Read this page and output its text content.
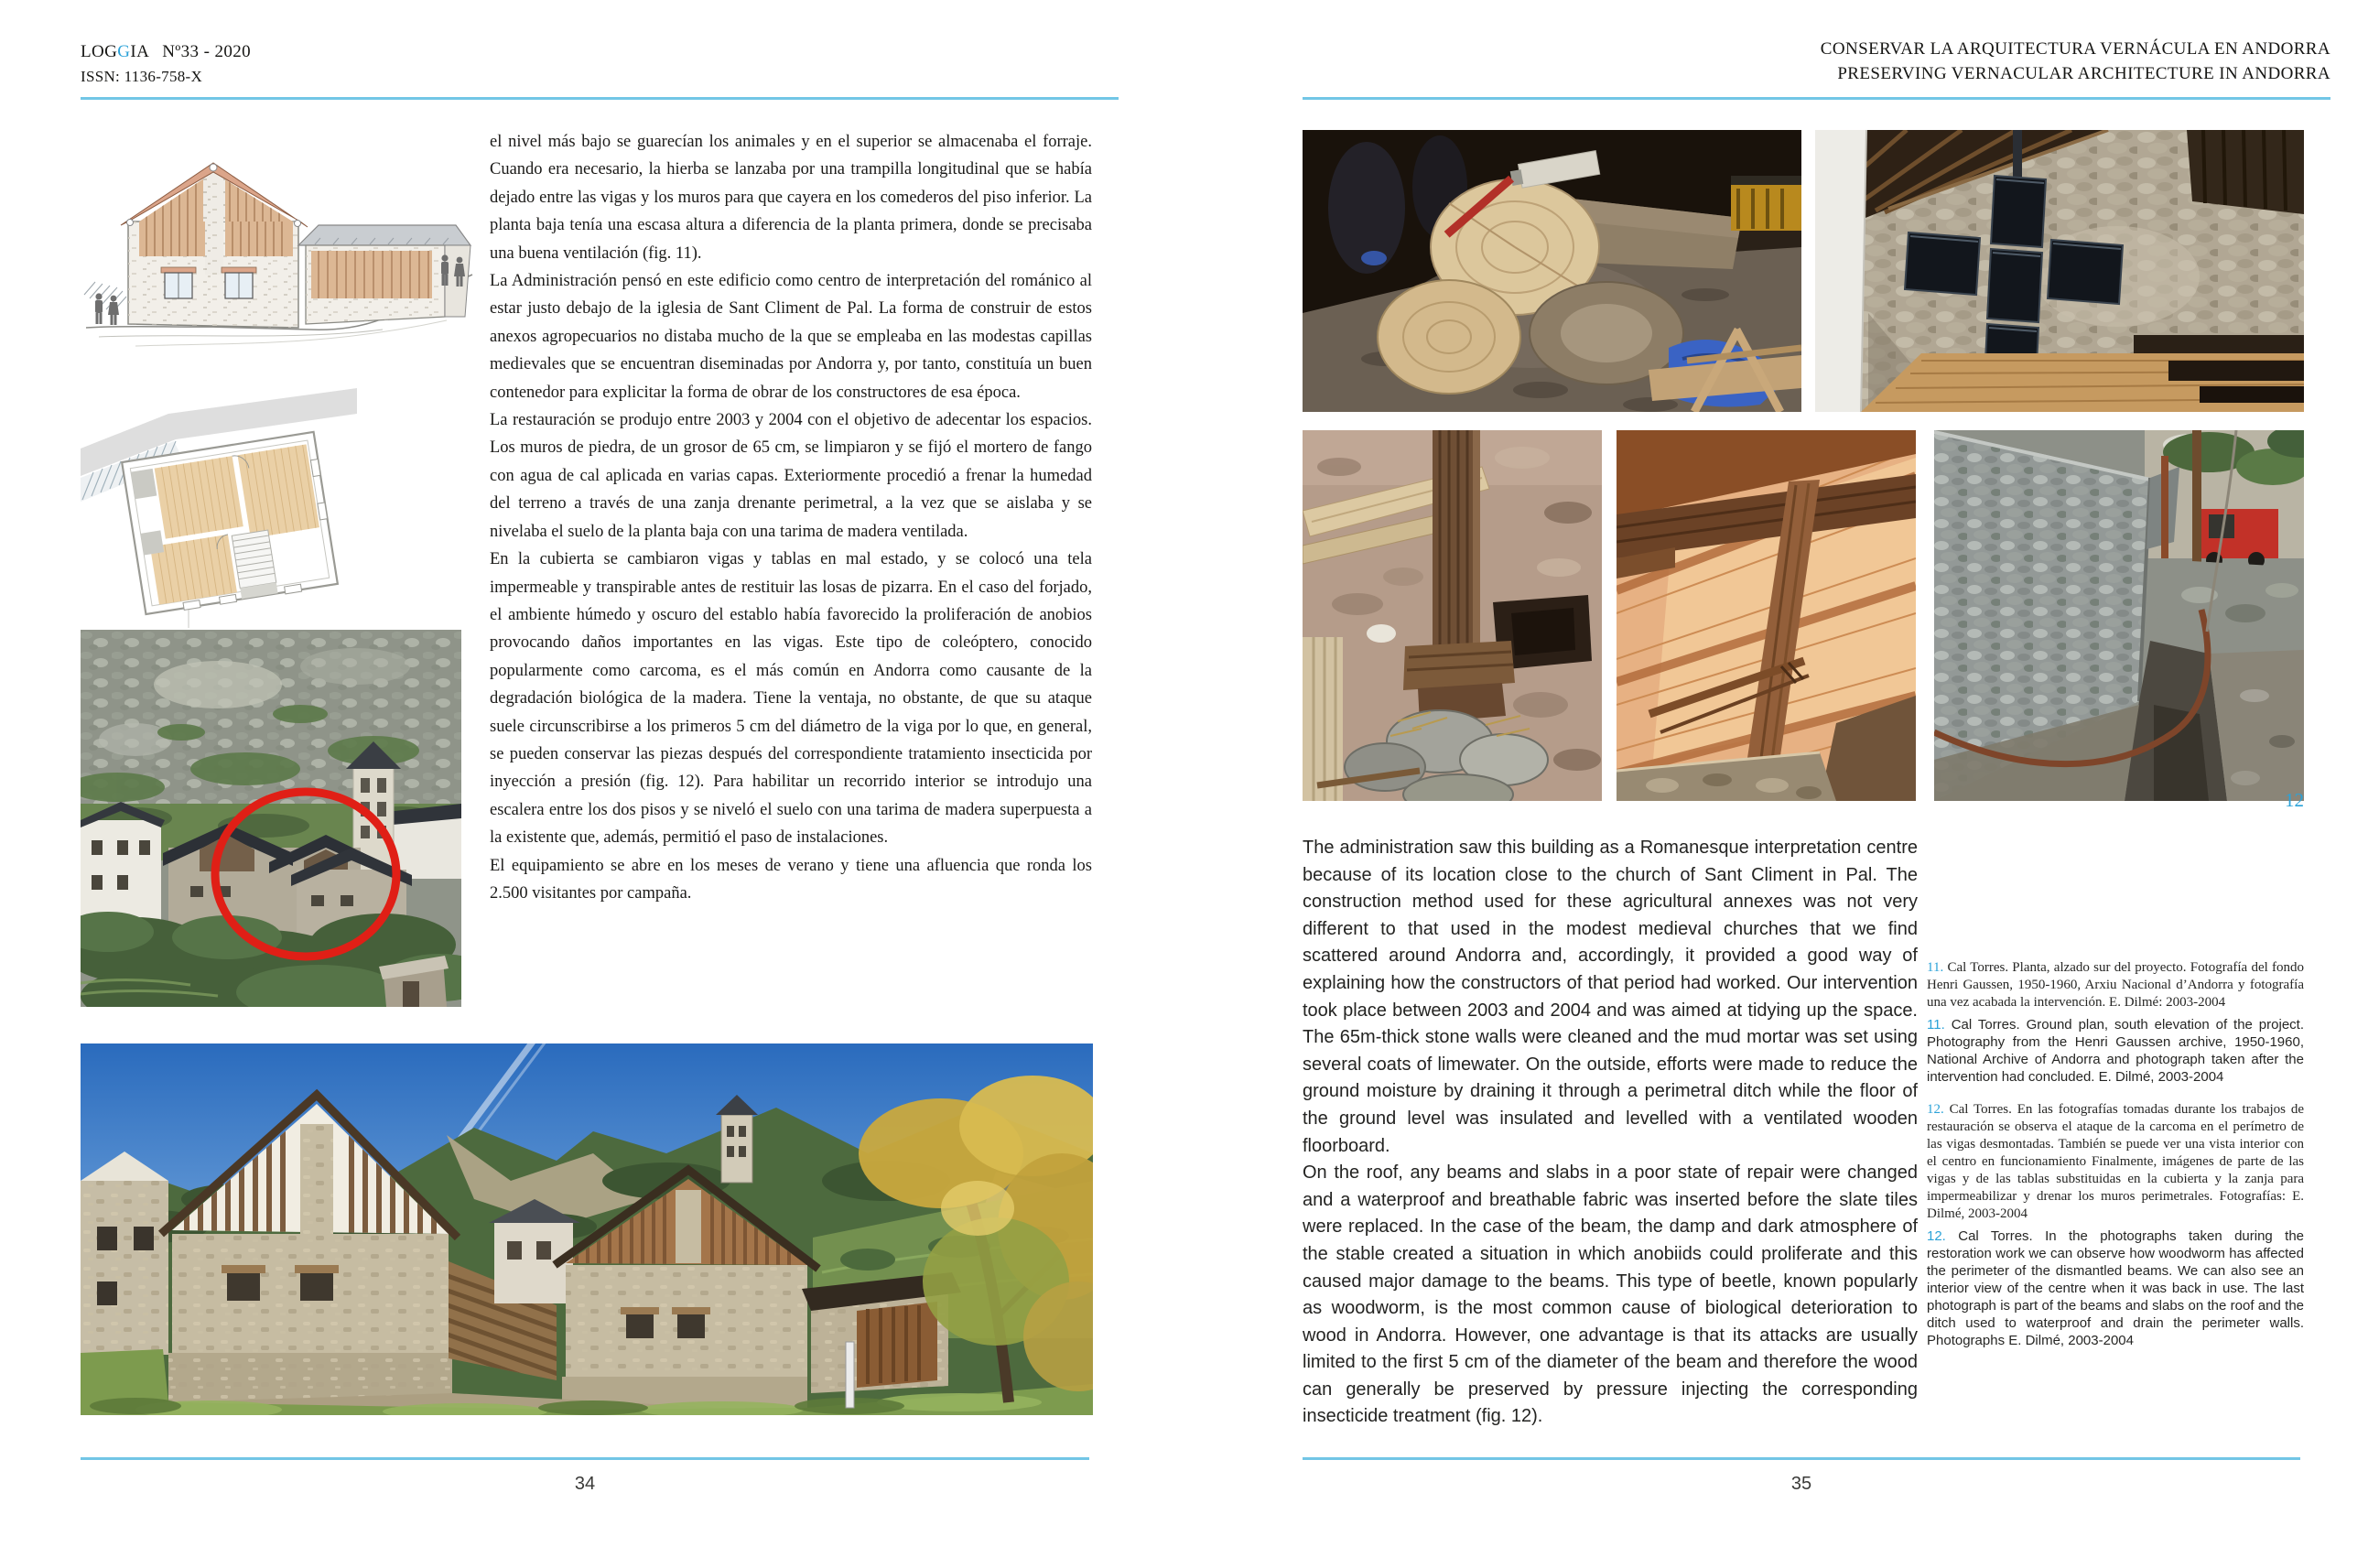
LOGGIA Nº33 - 2020
ISSN: 1136-758-X

el nivel más bajo se guarecían los animales y en el superior se almacenaba el forraje. Cuando era necesario, la hierba se lanzaba por una trampilla longitudinal que se había dejado entre las vigas y los muros para que cayera en los comederos del piso inferior. La planta baja tenía una escasa altura a diferencia de la planta primera, donde se precisaba una buena ventilación (fig. 11).

La Administración pensó en este edificio como centro de interpretación del románico al estar justo debajo de la iglesia de Sant Climent de Pal. La forma de construir de estos anexos agropecuarios no distaba mucho de la que se empleaba en las modestas capillas medievales que se encuentran diseminadas por Andorra y, por tanto, constituía un buen contenedor para explicitar la forma de obrar de los constructores de esa época.

La restauración se produjo entre 2003 y 2004 con el objetivo de adecentar los espacios. Los muros de piedra, de un grosor de 65 cm, se limpiaron y se fijó el mortero de fango con agua de cal aplicada en varias capas. Exteriormente procedió a frenar la humedad del terreno a través de una zanja drenante perimetral, a la vez que se aislaba y se nivelaba el suelo de la planta baja con una tarima de madera ventilada.

En la cubierta se cambiaron vigas y tablas en mal estado, y se colocó una tela impermeable y transpirable antes de restituir las losas de pizarra. En el caso del forjado, el ambiente húmedo y oscuro del establo había favorecido la proliferación de anobios provocando daños importantes en las vigas. Este tipo de coleóptero, conocido popularmente como carcoma, es el más común en Andorra como causante de la degradación biológica de la madera. Tiene la ventaja, no obstante, de que su ataque suele circunscribirse a los primeros 5 cm del diámetro de la viga por lo que, en general, se pueden conservar las piezas después del correspondiente tratamiento insecticida por inyección a presión (fig. 12). Para habilitar un recorrido interior se introdujo una escalera entre los dos pisos y se niveló el suelo con una tarima de madera superpuesta a la existente que, además, permitió el paso de instalaciones.

El equipamiento se abre en los meses de verano y tiene una afluencia que ronda los 2.500 visitantes por campaña.

34
CONSERVAR LA ARQUITECTURA VERNÁCULA EN ANDORRA
PRESERVING VERNACULAR ARCHITECTURE IN ANDORRA
12

The administration saw this building as a Romanesque interpretation centre because of its location close to the church of Sant Climent in Pal. The construction method used for these agricultural annexes was not very different to that used in the modest medieval churches that we find scattered around Andorra and, accordingly, it provided a good way of explaining how the constructors of that period had worked. Our intervention took place between 2003 and 2004 and was aimed at tidying up the space. The 65m-thick stone walls were cleaned and the mud mortar was set using several coats of limewater. On the outside, efforts were made to reduce the ground moisture by draining it through a perimetral ditch while the floor of the ground level was insulated and levelled with a ventilated wooden floorboard.

On the roof, any beams and slabs in a poor state of repair were changed and a waterproof and breathable fabric was inserted before the slate tiles were replaced. In the case of the beam, the damp and dark atmosphere of the stable created a situation in which anobiids could proliferate and this caused major damage to the beams. This type of beetle, known popularly as woodworm, is the most common cause of biological deterioration to wood in Andorra. However, one advantage is that its attacks are usually limited to the first 5 cm of the diameter of the beam and therefore the wood can generally be preserved by pressure injecting the corresponding insecticide treatment (fig. 12).

11. Cal Torres. Planta, alzado sur del proyecto. Fotografía del fondo Henri Gaussen, 1950-1960, Arxiu Nacional d’Andorra y fotografía una vez acabada la intervención. E. Dilmé: 2003-2004

11. Cal Torres. Ground plan, south elevation of the project. Photography from the Henri Gaussen archive, 1950-1960, National Archive of Andorra and photograph taken after the intervention had concluded. E. Dilmé, 2003-2004

12. Cal Torres. En las fotografías tomadas durante los trabajos de restauración se observa el ataque de la carcoma en el perímetro de las vigas desmontadas. También se puede ver una vista interior con el centro en funcionamiento Finalmente, imágenes de parte de las vigas y de las tablas substituidas en la cubierta y la zanja para impermeabilizar y drenar los muros perimetrales. Fotografías: E. Dilmé, 2003-2004

12. Cal Torres. In the photographs taken during the restoration work we can observe how woodworm has affected the perimeter of the dismantled beams. We can also see an interior view of the centre when it was back in use. The last photograph is part of the beams and slabs on the roof and the ditch used to waterproof and drain the perimeter walls. Photographs E. Dilmé, 2003-2004

35
